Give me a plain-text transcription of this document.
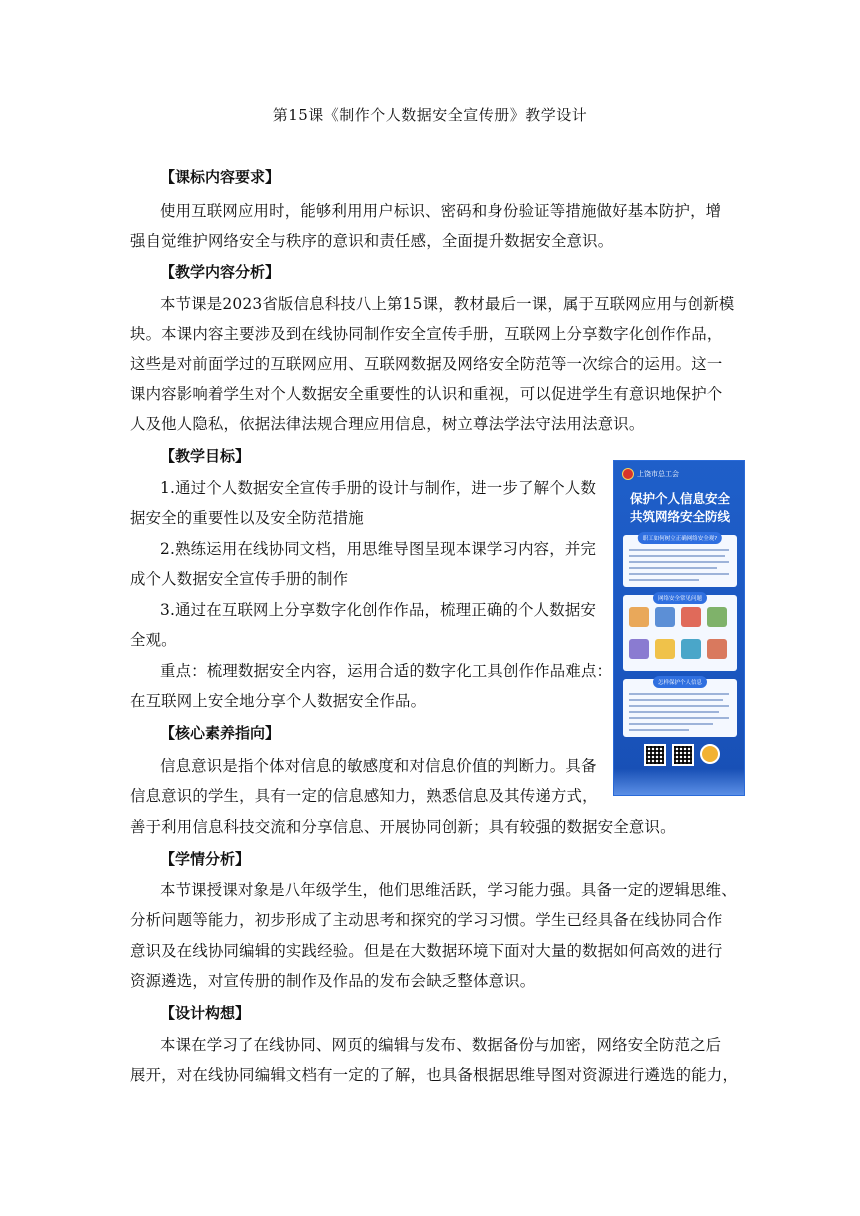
第15课《制作个人数据安全宣传册》教学设计
【课标内容要求】
使用互联网应用时，能够利用用户标识、密码和身份验证等措施做好基本防护，增
强自觉维护网络安全与秩序的意识和责任感，全面提升数据安全意识。
【教学内容分析】
本节课是2023省版信息科技八上第15课，教材最后一课，属于互联网应用与创新模
块。本课内容主要涉及到在线协同制作安全宣传手册，互联网上分享数字化创作作品，
这些是对前面学过的互联网应用、互联网数据及网络安全防范等一次综合的运用。这一
课内容影响着学生对个人数据安全重要性的认识和重视，可以促进学生有意识地保护个
人及他人隐私，依据法律法规合理应用信息，树立尊法学法守法用法意识。
【教学目标】
1.通过个人数据安全宣传手册的设计与制作，进一步了解个人数
据安全的重要性以及安全防范措施
2.熟练运用在线协同文档，用思维导图呈现本课学习内容，并完
成个人数据安全宣传手册的制作
3.通过在互联网上分享数字化创作作品，梳理正确的个人数据安
全观。
重点：梳理数据安全内容，运用合适的数字化工具创作作品难点：
在互联网上安全地分享个人数据安全作品。
【核心素养指向】
信息意识是指个体对信息的敏感度和对信息价值的判断力。具备
信息意识的学生，具有一定的信息感知力，熟悉信息及其传递方式，
善于利用信息科技交流和分享信息、开展协同创新；具有较强的数据安全意识。
【学情分析】
本节课授课对象是八年级学生，他们思维活跃，学习能力强。具备一定的逻辑思维、
分析问题等能力，初步形成了主动思考和探究的学习习惯。学生已经具备在线协同合作
意识及在线协同编辑的实践经验。但是在大数据环境下面对大量的数据如何高效的进行
资源遴选，对宣传册的制作及作品的发布会缺乏整体意识。
【设计构想】
本课在学习了在线协同、网页的编辑与发布、数据备份与加密，网络安全防范之后
展开，对在线协同编辑文档有一定的了解，也具备根据思维导图对资源进行遴选的能力，
上饶市总工会
保护个人信息安全
共筑网络安全防线
职工如何树立正确网络安全观?
网络安全常见问题
怎样保护个人信息
